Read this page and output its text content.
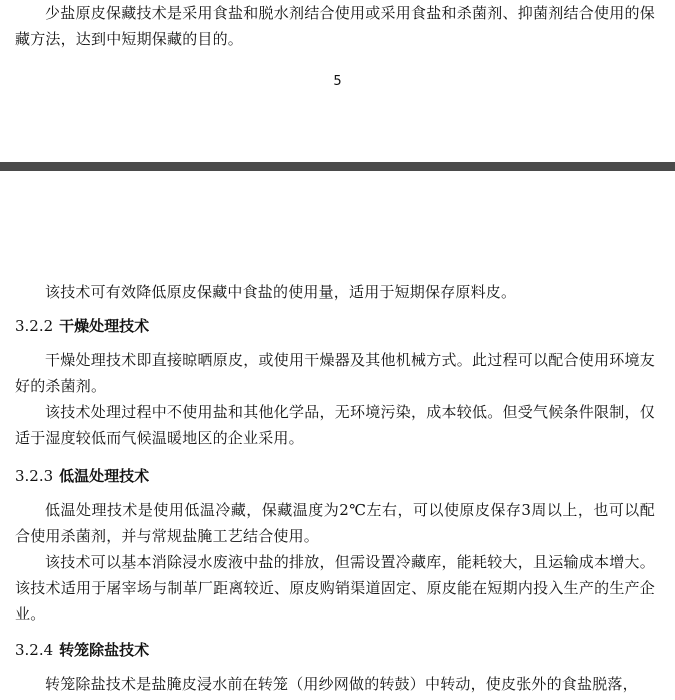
少盐原皮保藏技术是采用食盐和脱水剂结合使用或采用食盐和杀菌剂、抑菌剂结合使用的保藏方法，达到中短期保藏的目的。

5

该技术可有效降低原皮保藏中食盐的使用量，适用于短期保存原料皮。

3.2.2 干燥处理技术

干燥处理技术即直接晾晒原皮，或使用干燥器及其他机械方式。此过程可以配合使用环境友好的杀菌剂。

该技术处理过程中不使用盐和其他化学品，无环境污染，成本较低。但受气候条件限制，仅适于湿度较低而气候温暖地区的企业采用。

3.2.3 低温处理技术

低温处理技术是使用低温冷藏，保藏温度为2℃左右，可以使原皮保存3周以上，也可以配合使用杀菌剂，并与常规盐腌工艺结合使用。

该技术可以基本消除浸水废液中盐的排放，但需设置冷藏库，能耗较大，且运输成本增大。该技术适用于屠宰场与制革厂距离较近、原皮购销渠道固定、原皮能在短期内投入生产的生产企业。

3.2.4 转笼除盐技术

转笼除盐技术是盐腌皮浸水前在转笼（用纱网做的转鼓）中转动，使皮张外的食盐脱落，
